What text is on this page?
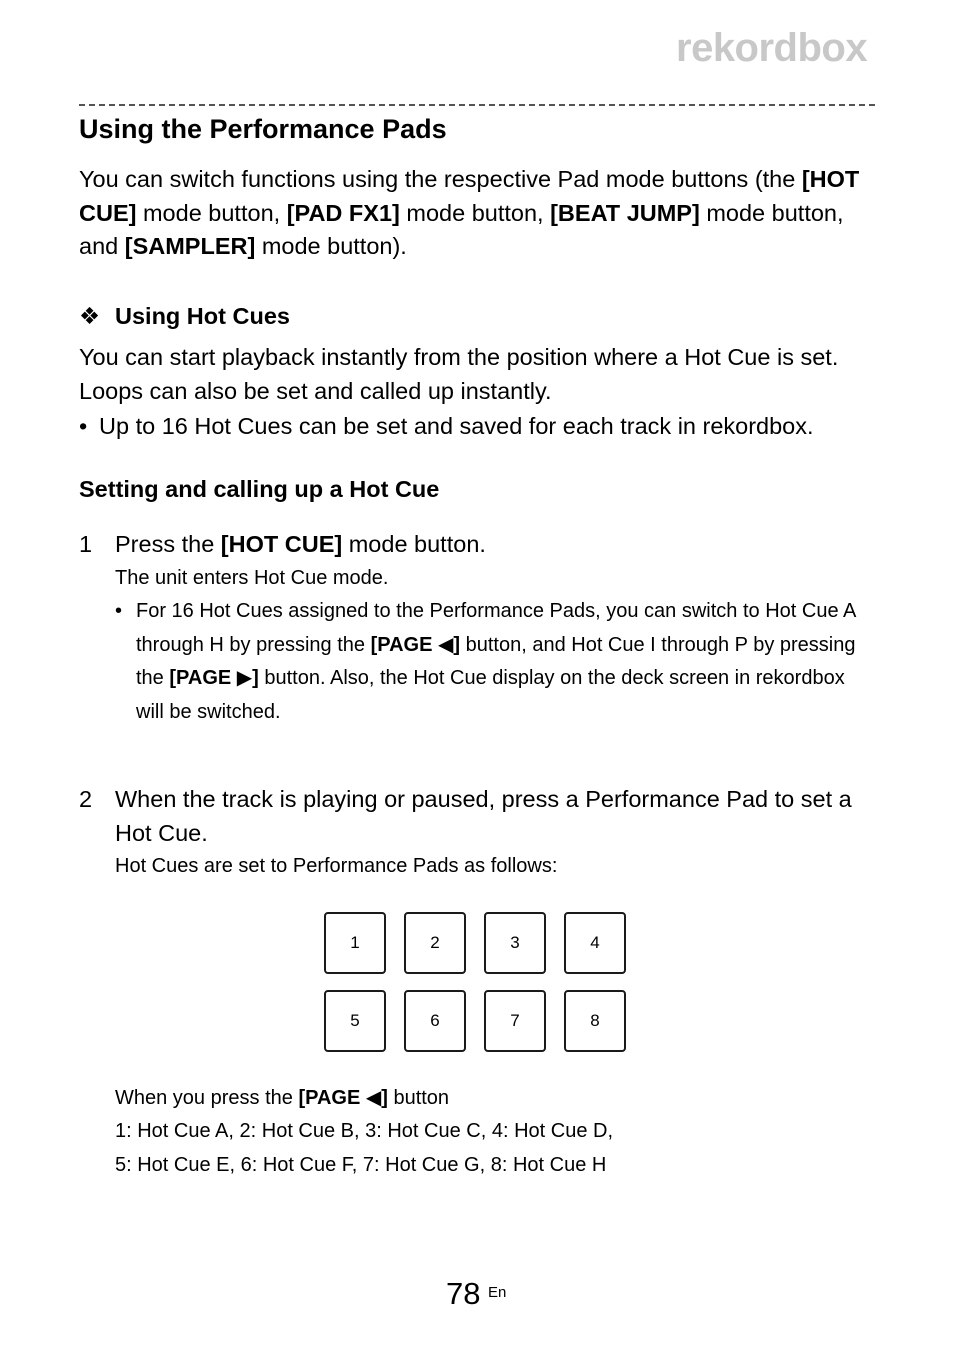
rekordbox
Using the Performance Pads

You can switch functions using the respective Pad mode buttons (the [HOT CUE] mode button, [PAD FX1] mode button, [BEAT JUMP] mode button, and [SAMPLER] mode button).

❖ Using Hot Cues

You can start playback instantly from the position where a Hot Cue is set. Loops can also be set and called up instantly.

• Up to 16 Hot Cues can be set and saved for each track in rekordbox.
Setting and calling up a Hot Cue
1 Press the [HOT CUE] mode button.
The unit enters Hot Cue mode.
• For 16 Hot Cues assigned to the Performance Pads, you can switch to Hot Cue A through H by pressing the [PAGE ◀] button, and Hot Cue I through P by pressing the [PAGE ▶] button. Also, the Hot Cue display on the deck screen in rekordbox will be switched.
2 When the track is playing or paused, press a Performance Pad to set a Hot Cue.
Hot Cues are set to Performance Pads as follows:
1	2	3	4
5	6	7	8
When you press the [PAGE ◀] button
1: Hot Cue A, 2: Hot Cue B, 3: Hot Cue C, 4: Hot Cue D,
5: Hot Cue E, 6: Hot Cue F, 7: Hot Cue G, 8: Hot Cue H
78 En
